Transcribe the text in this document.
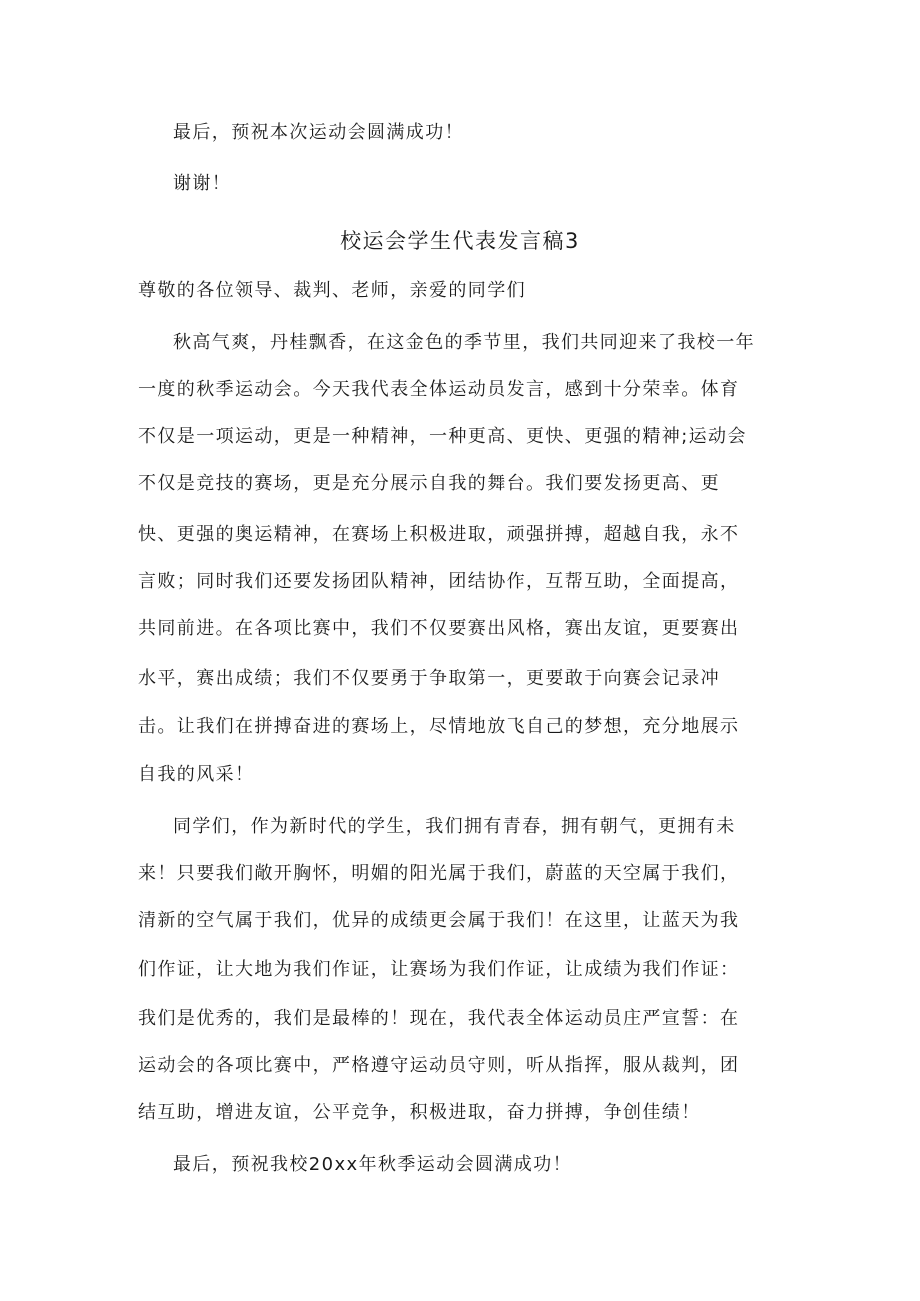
最后，预祝本次运动会圆满成功！
谢谢！
校运会学生代表发言稿3
尊敬的各位领导、裁判、老师，亲爱的同学们
秋高气爽，丹桂飘香，在这金色的季节里，我们共同迎来了我校一年
一度的秋季运动会。今天我代表全体运动员发言，感到十分荣幸。体育
不仅是一项运动，更是一种精神，一种更高、更快、更强的精神;运动会
不仅是竞技的赛场，更是充分展示自我的舞台。我们要发扬更高、更
快、更强的奥运精神，在赛场上积极进取，顽强拼搏，超越自我，永不
言败；同时我们还要发扬团队精神，团结协作，互帮互助，全面提高，
共同前进。在各项比赛中，我们不仅要赛出风格，赛出友谊，更要赛出
水平，赛出成绩；我们不仅要勇于争取第一，更要敢于向赛会记录冲
击。让我们在拼搏奋进的赛场上，尽情地放飞自己的梦想，充分地展示
自我的风采！
同学们，作为新时代的学生，我们拥有青春，拥有朝气，更拥有未
来！只要我们敞开胸怀，明媚的阳光属于我们，蔚蓝的天空属于我们，
清新的空气属于我们，优异的成绩更会属于我们！在这里，让蓝天为我
们作证，让大地为我们作证，让赛场为我们作证，让成绩为我们作证：
我们是优秀的，我们是最棒的！现在，我代表全体运动员庄严宣誓：在
运动会的各项比赛中，严格遵守运动员守则，听从指挥，服从裁判，团
结互助，增进友谊，公平竞争，积极进取，奋力拼搏，争创佳绩！
最后，预祝我校20xx年秋季运动会圆满成功！
